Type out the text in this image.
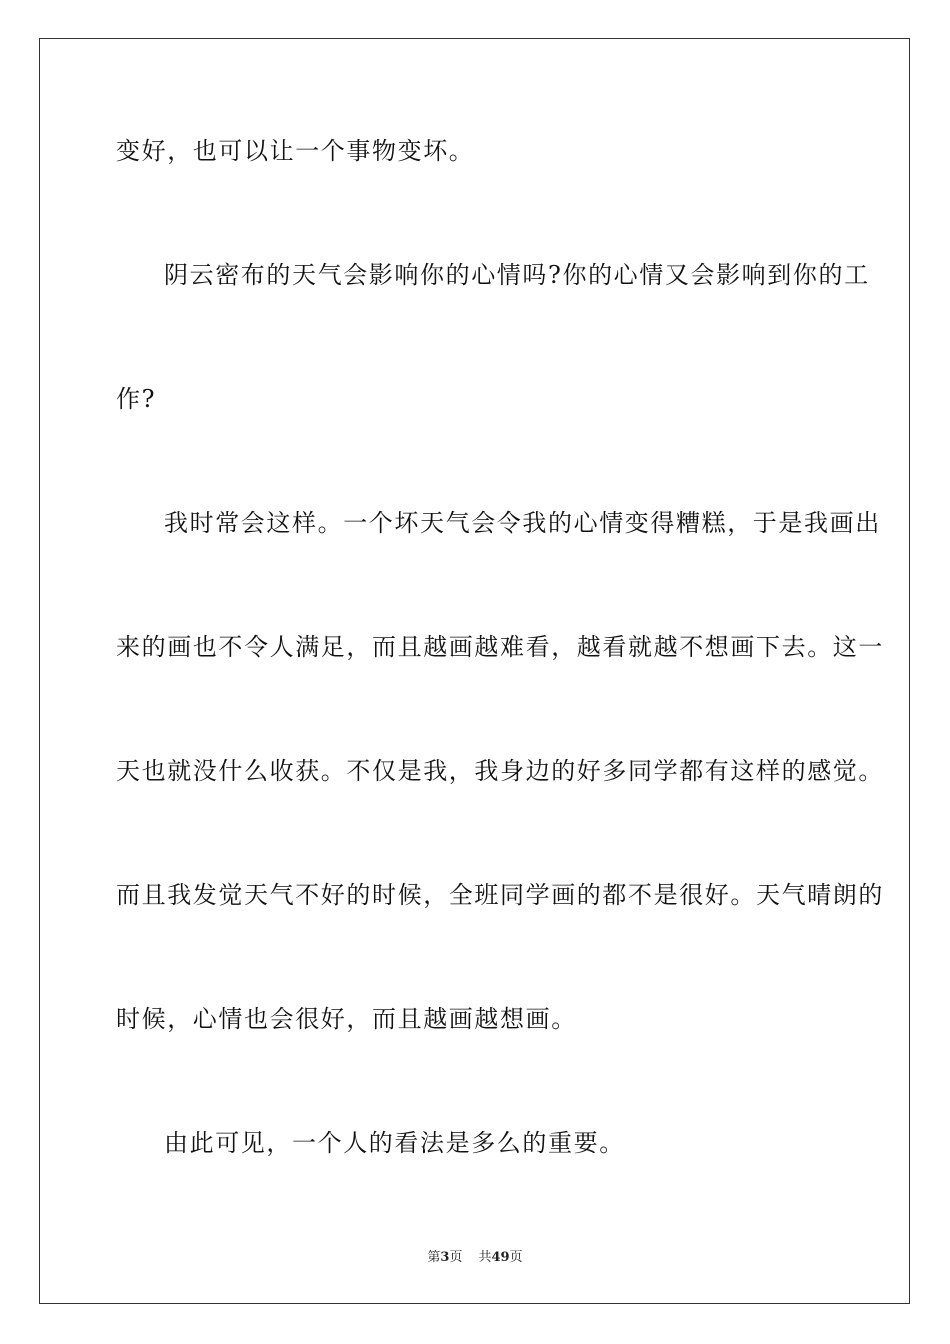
变好，也可以让一个事物变坏。
阴云密布的天气会影响你的心情吗?你的心情又会影响到你的工
作?
我时常会这样。一个坏天气会令我的心情变得糟糕，于是我画出
来的画也不令人满足，而且越画越难看，越看就越不想画下去。这一
天也就没什么收获。不仅是我，我身边的好多同学都有这样的感觉。
而且我发觉天气不好的时候，全班同学画的都不是很好。天气晴朗的
时候，心情也会很好，而且越画越想画。
由此可见，一个人的看法是多么的重要。
第3页 共49页
